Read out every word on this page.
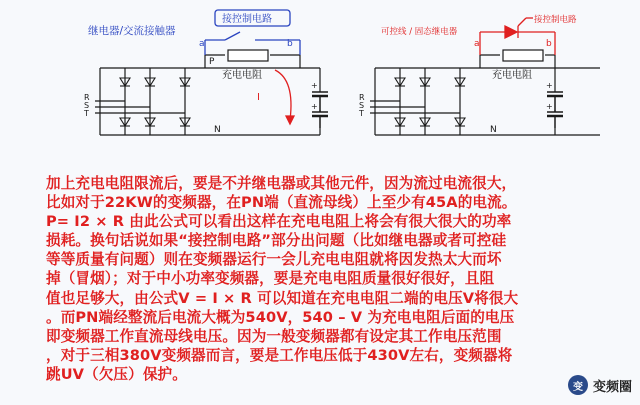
继电器/交流接触器
接控制电路
a	b
充电电阻
I
P
N
R
S
T
+
+
可控线 / 固态继电器
接控制电路
a	b
充电电阻
N
R
S
T
+
+
加上充电电阻限流后，要是不并继电器或其他元件，因为流过电流很大，
比如对于22KW的变频器，在PN端（直流母线）上至少有45A的电流。
P= I2 × R 由此公式可以看出这样在充电电阻上将会有很大很大的功率
损耗。换句话说如果“接控制电路”部分出问题（比如继电器或者可控硅
等等质量有问题）则在变频器运行一会儿充电电阻就将因发热太大而坏
掉（冒烟）；对于中小功率变频器，要是充电电阻质量很好很好，且阻
值也足够大，由公式V = I × R 可以知道在充电电阻二端的电压V将很大
。而PN端经整流后电流大概为540V，540 – V 为充电电阻后面的电压
即变频器工作直流母线电压。因为一般变频器都有设定其工作电压范围
，对于三相380V变频器而言，要是工作电压低于430V左右，变频器将
跳UV（欠压）保护。
变 变频圈
